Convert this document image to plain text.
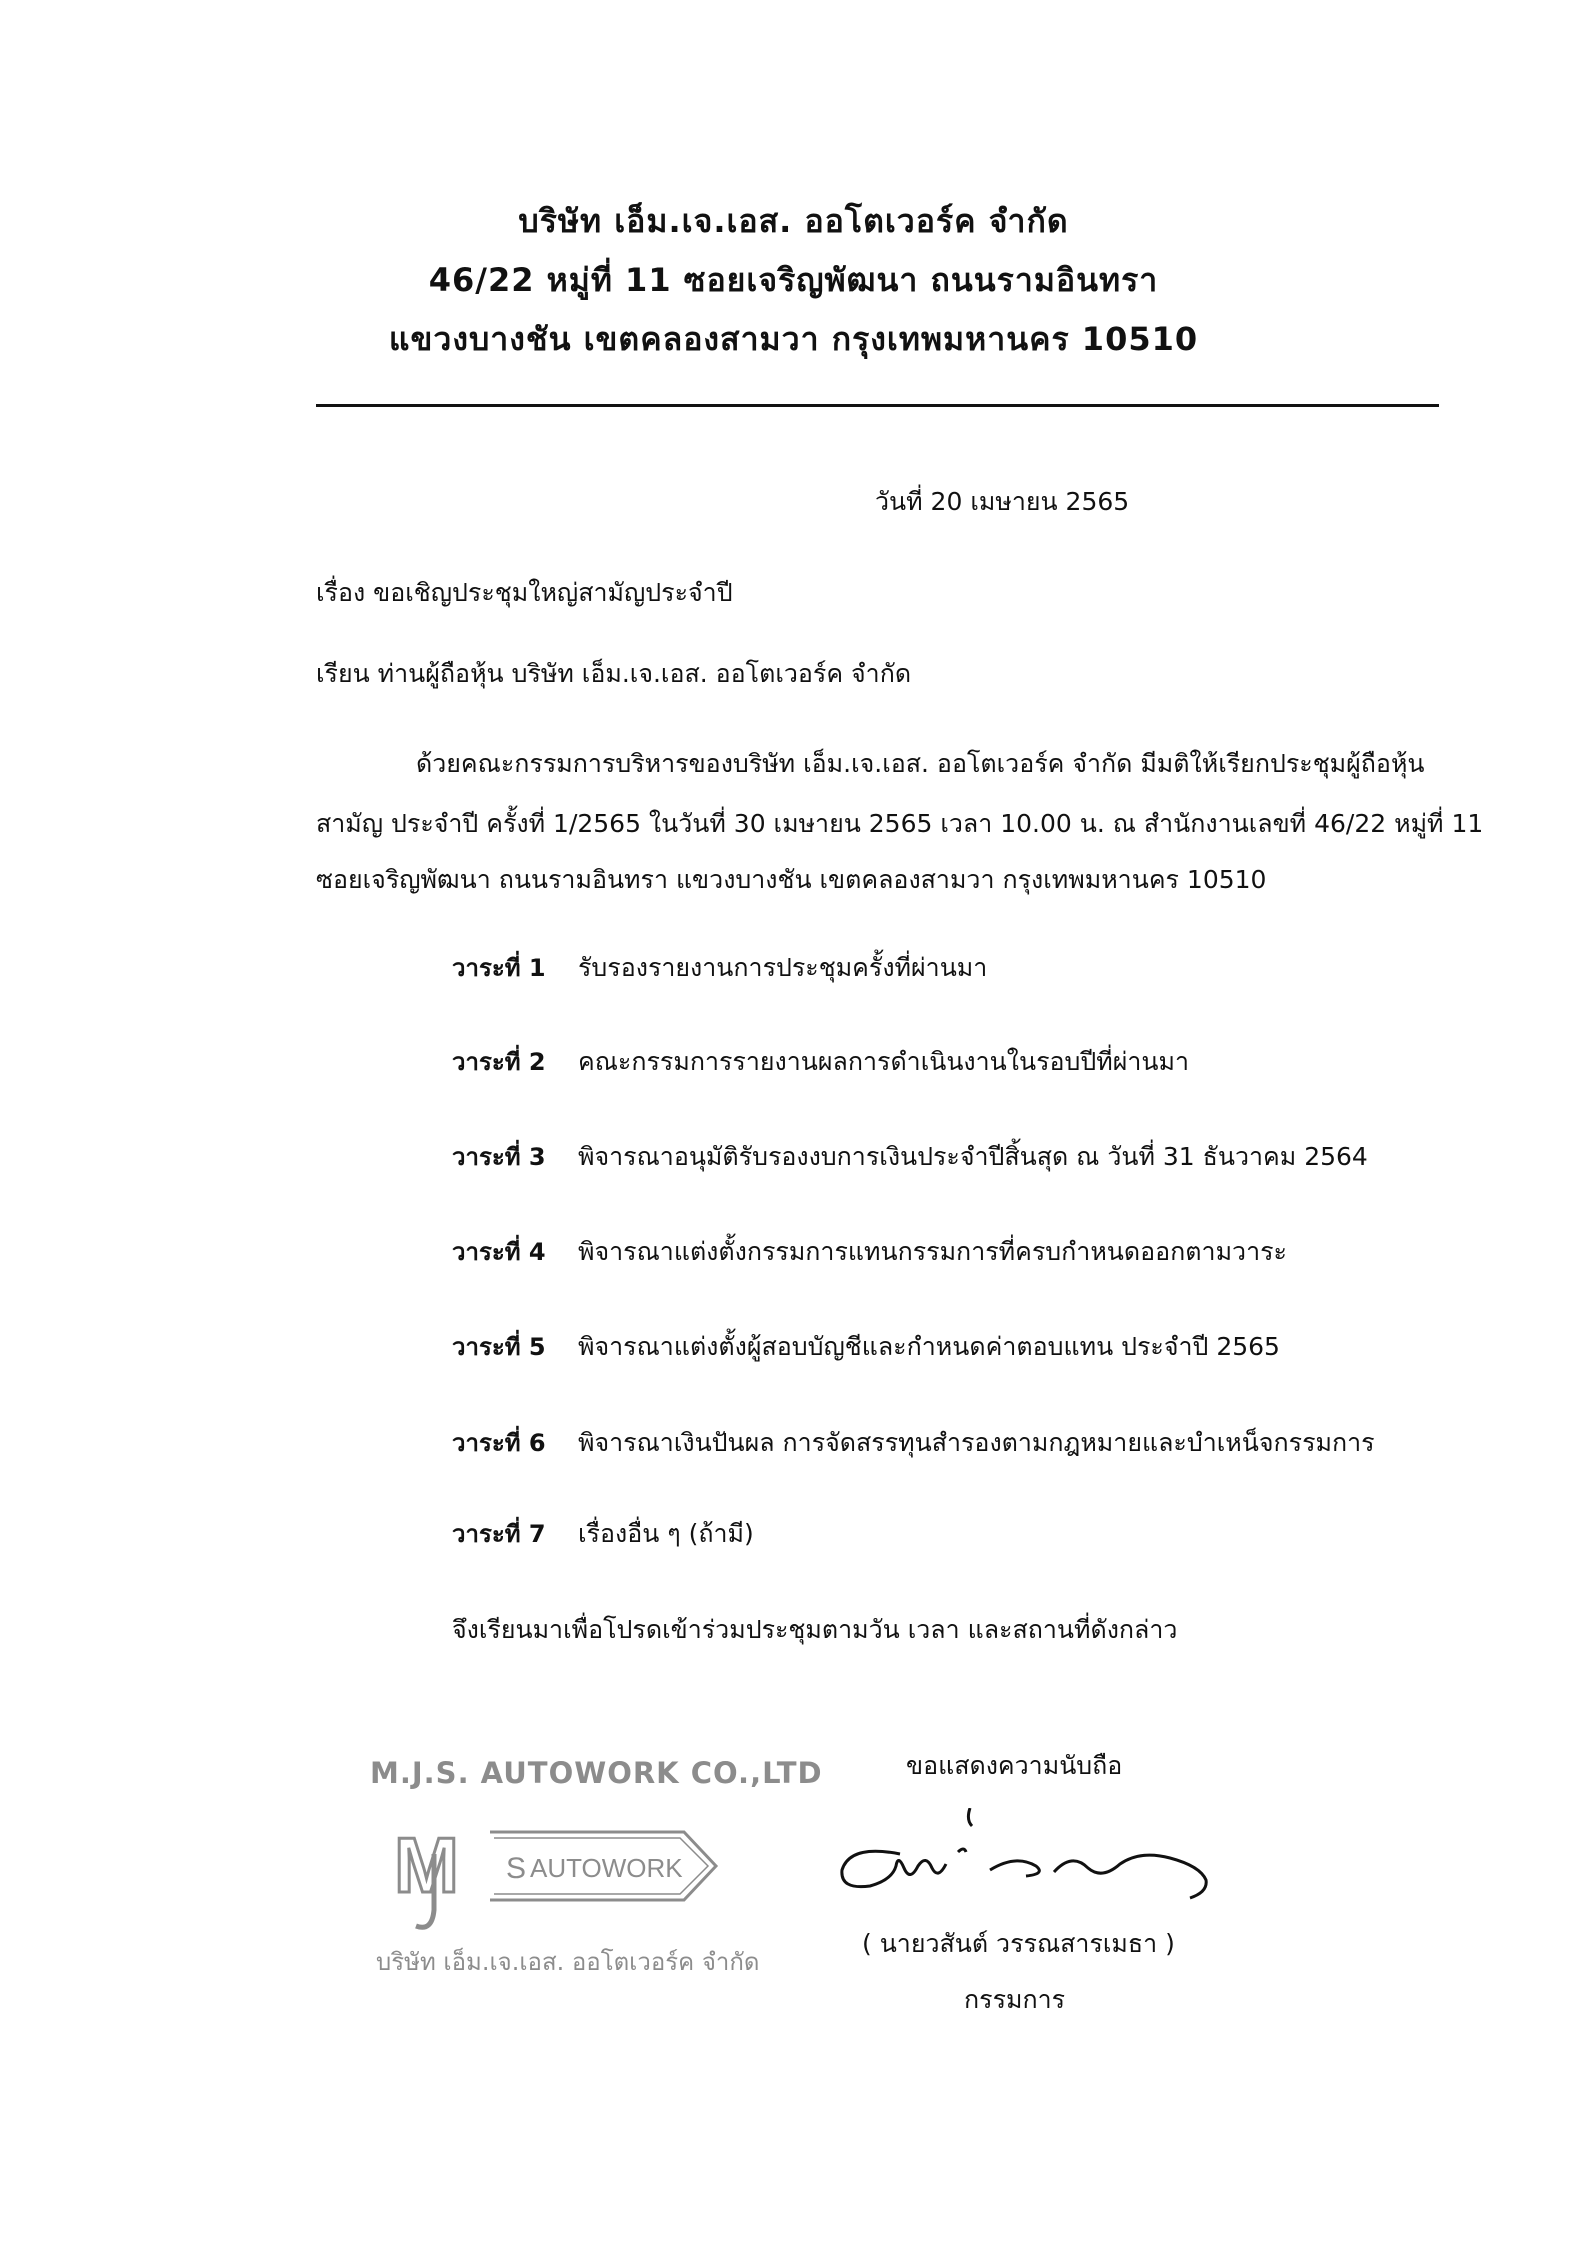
บริษัท เอ็ม.เจ.เอส. ออโตเวอร์ค จำกัด
46/22 หมู่ที่ 11 ซอยเจริญพัฒนา ถนนรามอินทรา
แขวงบางชัน เขตคลองสามวา กรุงเทพมหานคร 10510
วันที่ 20 เมษายน 2565
เรื่อง ขอเชิญประชุมใหญ่สามัญประจำปี
เรียน ท่านผู้ถือหุ้น บริษัท เอ็ม.เจ.เอส. ออโตเวอร์ค จำกัด
ด้วยคณะกรรมการบริหารของบริษัท เอ็ม.เจ.เอส. ออโตเวอร์ค จำกัด มีมติให้เรียกประชุมผู้ถือหุ้น
สามัญ ประจำปี ครั้งที่ 1/2565 ในวันที่ 30 เมษายน 2565 เวลา 10.00 น. ณ สำนักงานเลขที่ 46/22 หมู่ที่ 11
ซอยเจริญพัฒนา ถนนรามอินทรา แขวงบางชัน เขตคลองสามวา กรุงเทพมหานคร 10510
วาระที่ 1 รับรองรายงานการประชุมครั้งที่ผ่านมา
วาระที่ 2 คณะกรรมการรายงานผลการดำเนินงานในรอบปีที่ผ่านมา
วาระที่ 3 พิจารณาอนุมัติรับรองงบการเงินประจำปีสิ้นสุด ณ วันที่ 31 ธันวาคม 2564
วาระที่ 4 พิจารณาแต่งตั้งกรรมการแทนกรรมการที่ครบกำหนดออกตามวาระ
วาระที่ 5 พิจารณาแต่งตั้งผู้สอบบัญชีและกำหนดค่าตอบแทน ประจำปี 2565
วาระที่ 6 พิจารณาเงินปันผล การจัดสรรทุนสำรองตามกฎหมายและบำเหน็จกรรมการ
วาระที่ 7 เรื่องอื่น ๆ (ถ้ามี)
จึงเรียนมาเพื่อโปรดเข้าร่วมประชุมตามวัน เวลา และสถานที่ดังกล่าว
ขอแสดงความนับถือ
M.J.S. AUTOWORK CO.,LTD
M S AUTOWORK
บริษัท เอ็ม.เจ.เอส. ออโตเวอร์ค จำกัด
( นายวสันต์ วรรณสารเมธา )
กรรมการ
